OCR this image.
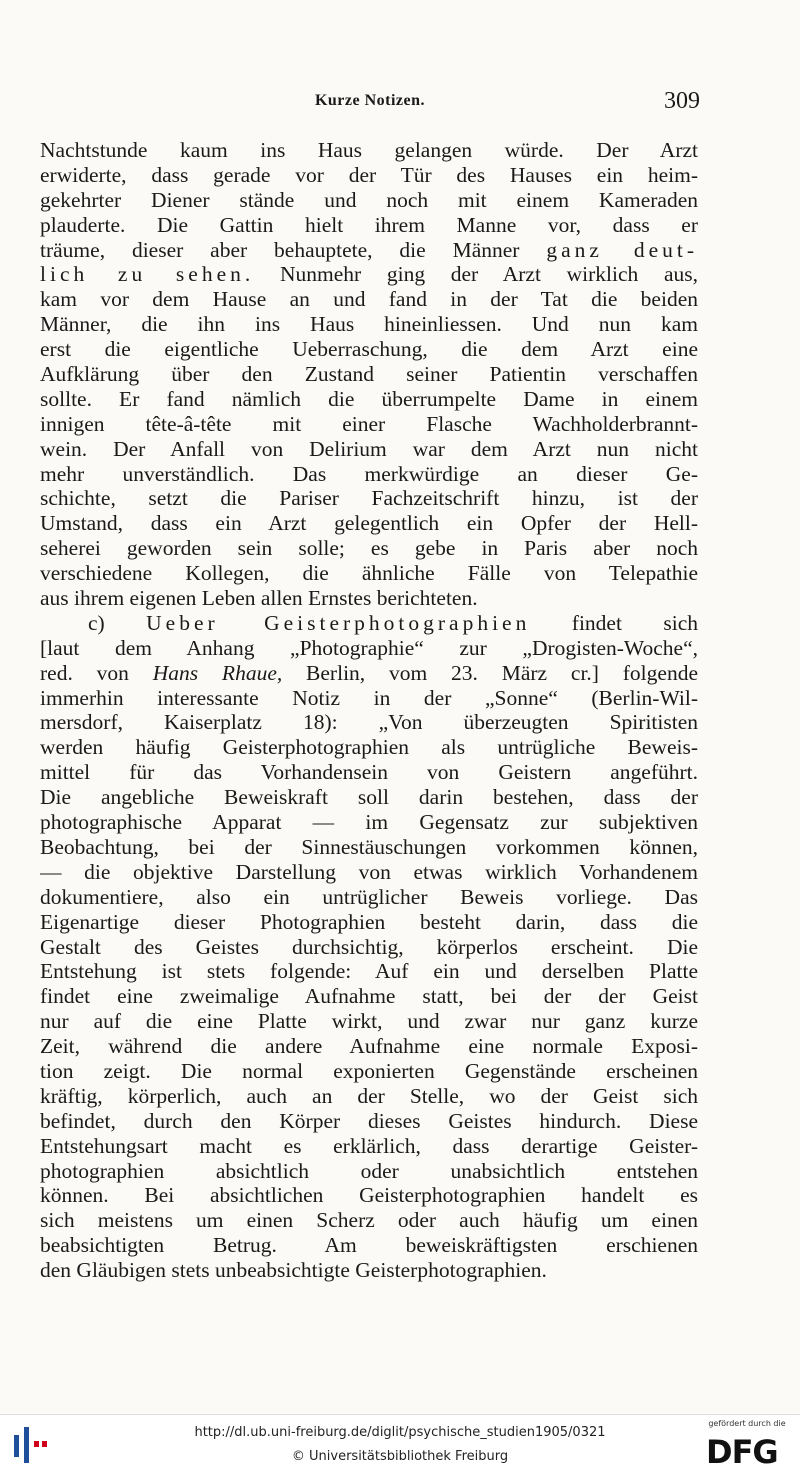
Kurze Notizen.	309
Nachtstunde kaum ins Haus gelangen würde. Der Arzt
erwiderte, dass gerade vor der Tür des Hauses ein heim-
gekehrter Diener stände und noch mit einem Kameraden
plauderte. Die Gattin hielt ihrem Manne vor, dass er
träume, dieser aber behauptete, die Männer ganz deut-
lich zu sehen. Nunmehr ging der Arzt wirklich aus,
kam vor dem Hause an und fand in der Tat die beiden
Männer, die ihn ins Haus hineinliessen. Und nun kam
erst die eigentliche Ueberraschung, die dem Arzt eine
Aufklärung über den Zustand seiner Patientin verschaffen
sollte. Er fand nämlich die überrumpelte Dame in einem
innigen tête-â-tête mit einer Flasche Wachholderbrannt-
wein. Der Anfall von Delirium war dem Arzt nun nicht
mehr unverständlich. Das merkwürdige an dieser Ge-
schichte, setzt die Pariser Fachzeitschrift hinzu, ist der
Umstand, dass ein Arzt gelegentlich ein Opfer der Hell-
seherei geworden sein solle; es gebe in Paris aber noch
verschiedene Kollegen, die ähnliche Fälle von Telepathie
aus ihrem eigenen Leben allen Ernstes berichteten.
c) Ueber Geisterphotographien findet sich
[laut dem Anhang „Photographie“ zur „Drogisten-Woche“,
red. von Hans Rhaue, Berlin, vom 23. März cr.] folgende
immerhin interessante Notiz in der „Sonne“ (Berlin-Wil-
mersdorf, Kaiserplatz 18): „Von überzeugten Spiritisten
werden häufig Geisterphotographien als untrügliche Beweis-
mittel für das Vorhandensein von Geistern angeführt.
Die angebliche Beweiskraft soll darin bestehen, dass der
photographische Apparat — im Gegensatz zur subjektiven
Beobachtung, bei der Sinnestäuschungen vorkommen können,
— die objektive Darstellung von etwas wirklich Vorhandenem
dokumentiere, also ein untrüglicher Beweis vorliege. Das
Eigenartige dieser Photographien besteht darin, dass die
Gestalt des Geistes durchsichtig, körperlos erscheint. Die
Entstehung ist stets folgende: Auf ein und derselben Platte
findet eine zweimalige Aufnahme statt, bei der der Geist
nur auf die eine Platte wirkt, und zwar nur ganz kurze
Zeit, während die andere Aufnahme eine normale Exposi-
tion zeigt. Die normal exponierten Gegenstände erscheinen
kräftig, körperlich, auch an der Stelle, wo der Geist sich
befindet, durch den Körper dieses Geistes hindurch. Diese
Entstehungsart macht es erklärlich, dass derartige Geister-
photographien absichtlich oder unabsichtlich entstehen
können. Bei absichtlichen Geisterphotographien handelt es
sich meistens um einen Scherz oder auch häufig um einen
beabsichtigten Betrug. Am beweiskräftigsten erschienen
den Gläubigen stets unbeabsichtigte Geisterphotographien.
http://dl.ub.uni-freiburg.de/diglit/psychische_studien1905/0321
© Universitätsbibliothek Freiburg
gefördert durch die
DFG
